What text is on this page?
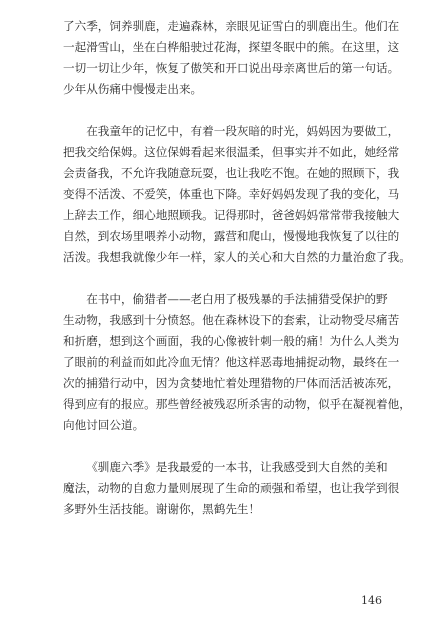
了六季，饲养驯鹿，走遍森林，亲眼见证雪白的驯鹿出生。他们在
一起滑雪山，坐在白桦船驶过花海，探望冬眠中的熊。在这里，这
一切一切让少年，恢复了傲笑和开口说出母亲离世后的第一句话。
少年从伤痛中慢慢走出来。

在我童年的记忆中，有着一段灰暗的时光，妈妈因为要做工，
把我交给保姆。这位保姆看起来很温柔，但事实并不如此，她经常
会责备我，不允许我随意玩耍，也让我吃不饱。在她的照顾下，我
变得不活泼、不爱笑，体重也下降。幸好妈妈发现了我的变化，马
上辞去工作，细心地照顾我。记得那时，爸爸妈妈常常带我接触大
自然，到农场里喂养小动物，露营和爬山，慢慢地我恢复了以往的
活泼。我想我就像少年一样，家人的关心和大自然的力量治愈了我。

在书中，偷猎者——老白用了极残暴的手法捕猎受保护的野
生动物，我感到十分愤怒。他在森林设下的套索，让动物受尽痛苦
和折磨，想到这个画面，我的心像被针刺一般的痛！为什么人类为
了眼前的利益而如此冷血无情？他这样恶毒地捕捉动物，最终在一
次的捕猎行动中，因为贪婪地忙着处理猎物的尸体而活活被冻死，
得到应有的报应。那些曾经被残忍所杀害的动物，似乎在凝视着他，
向他讨回公道。

《驯鹿六季》是我最爱的一本书，让我感受到大自然的美和
魔法，动物的自愈力量则展现了生命的顽强和希望，也让我学到很
多野外生活技能。谢谢你，黑鹤先生！

146
